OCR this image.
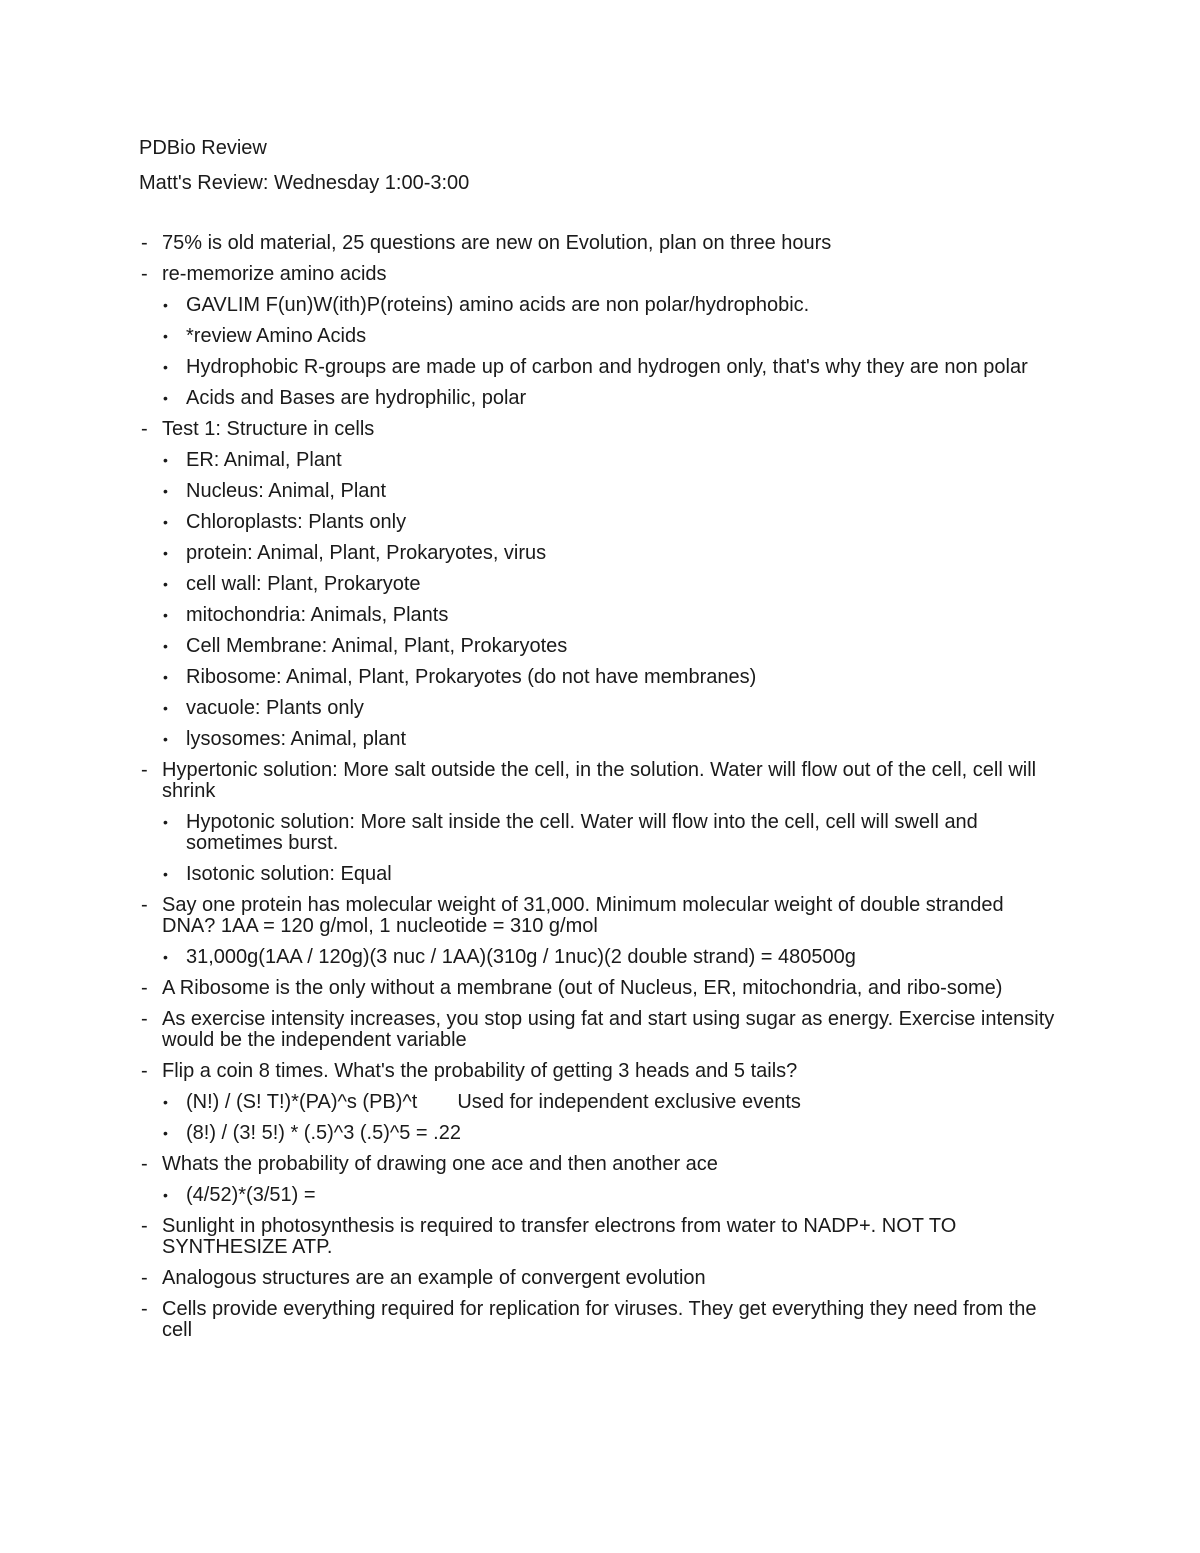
PDBio Review
Matt's Review: Wednesday 1:00-3:00
- 75% is old material, 25 questions are new on Evolution, plan on three hours
- re-memorize amino acids
• GAVLIM F(un)W(ith)P(roteins) amino acids are non polar/hydrophobic.
• *review Amino Acids
• Hydrophobic R-groups are made up of carbon and hydrogen only, that's why they are non polar
• Acids and Bases are hydrophilic, polar
- Test 1: Structure in cells
• ER: Animal, Plant
• Nucleus: Animal, Plant
• Chloroplasts: Plants only
• protein: Animal, Plant, Prokaryotes, virus
• cell wall: Plant, Prokaryote
• mitochondria: Animals, Plants
• Cell Membrane: Animal, Plant, Prokaryotes
• Ribosome: Animal, Plant, Prokaryotes (do not have membranes)
• vacuole: Plants only
• lysosomes: Animal, plant
- Hypertonic solution: More salt outside the cell, in the solution. Water will flow out of the cell, cell will shrink
• Hypotonic solution: More salt inside the cell. Water will flow into the cell, cell will swell and sometimes burst.
• Isotonic solution: Equal
- Say one protein has molecular weight of 31,000. Minimum molecular weight of double stranded DNA? 1AA = 120 g/mol, 1 nucleotide = 310 g/mol
• 31,000g(1AA / 120g)(3 nuc / 1AA)(310g / 1nuc)(2 double strand) = 480500g
- A Ribosome is the only without a membrane (out of Nucleus, ER, mitochondria, and ribo-some)
- As exercise intensity increases, you stop using fat and start using sugar as energy. Exercise intensity would be the independent variable
- Flip a coin 8 times. What's the probability of getting 3 heads and 5 tails?
• (N!) / (S! T!)*(PA)^s (PB)^t Used for independent exclusive events
• (8!) / (3! 5!) * (.5)^3 (.5)^5 = .22
- Whats the probability of drawing one ace and then another ace
• (4/52)*(3/51) =
- Sunlight in photosynthesis is required to transfer electrons from water to NADP+. NOT TO SYNTHESIZE ATP.
- Analogous structures are an example of convergent evolution
- Cells provide everything required for replication for viruses. They get everything they need from the cell
